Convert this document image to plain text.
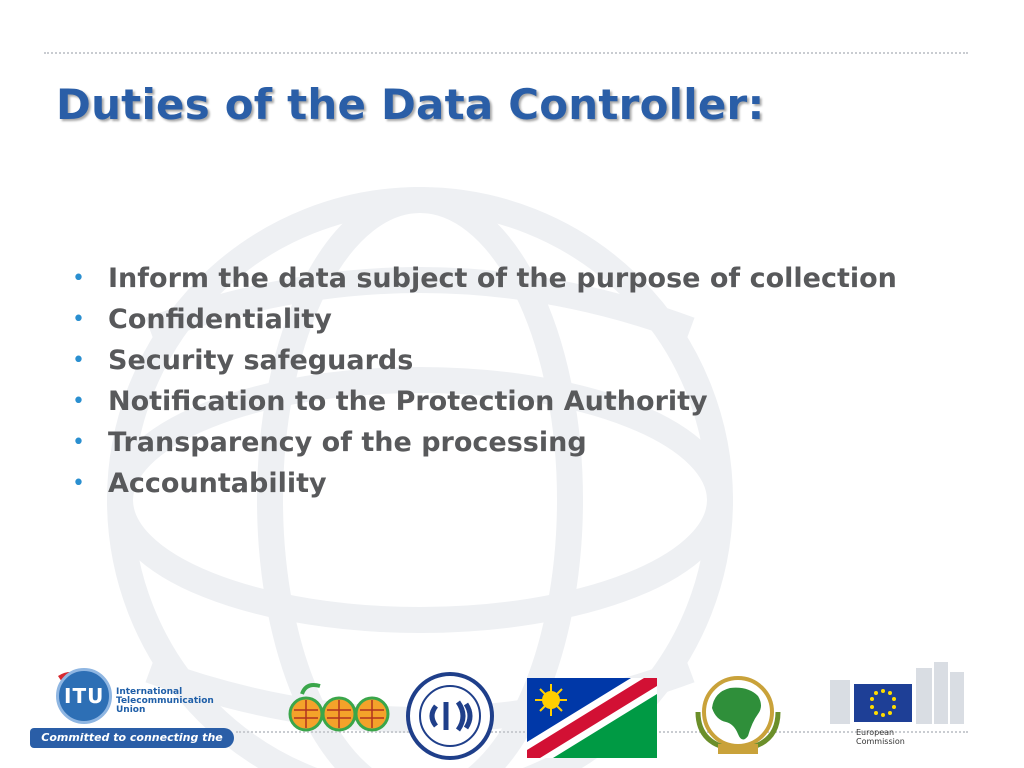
Duties of the Data Controller:
• Inform the data subject of the purpose of collection
• Confidentiality
• Security safeguards
• Notification to the Protection Authority
• Transparency of the processing
• Accountability
ITU International
Telecommunication
Union
Committed to connecting the world
European
Commission
